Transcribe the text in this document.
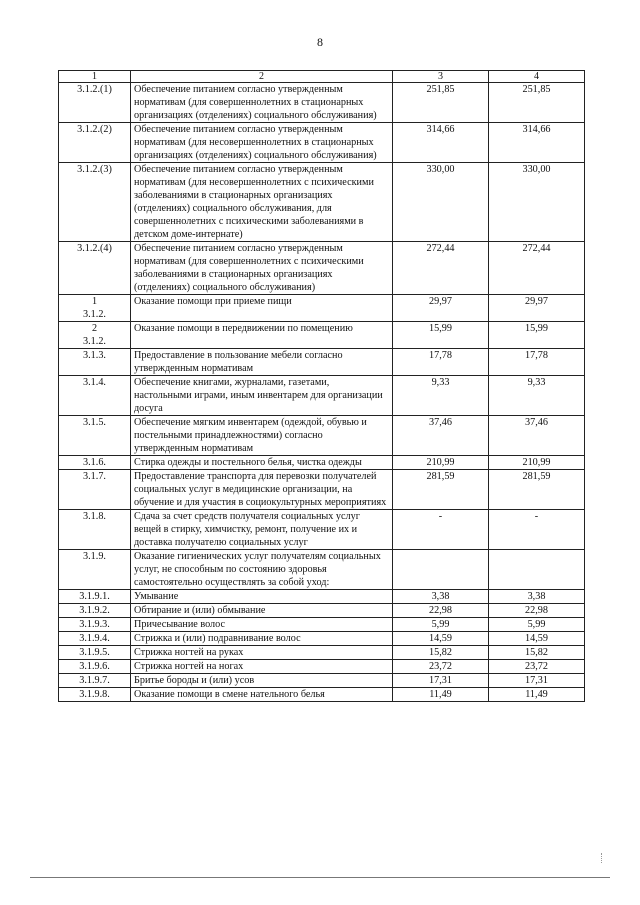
8
1	2	3	4
3.1.2.(1)	Обеспечение питанием согласно утвержденным нормативам (для совершеннолетних в стационарных организациях (отделениях) социального обслуживания)	251,85	251,85
3.1.2.(2)	Обеспечение питанием согласно утвержденным нормативам (для несовершеннолетних в стационарных организациях (отделениях) социального обслуживания)	314,66	314,66
3.1.2.(3)	Обеспечение питанием согласно утвержденным нормативам (для несовершеннолетних с психическими заболеваниями в стационарных организациях (отделениях) социального обслуживания, для совершеннолетних с психическими заболеваниями в детском доме-интернате)	330,00	330,00
3.1.2.(4)	Обеспечение питанием согласно утвержденным нормативам (для совершеннолетних с психическими заболеваниями в стационарных организациях (отделениях) социального обслуживания)	272,44	272,44

1
3.1.2.	Оказание помощи при приеме пищи	29,97	29,97

2
3.1.2.	Оказание помощи в передвижении по помещению	15,99	15,99
3.1.3.	Предоставление в пользование мебели согласно утвержденным нормативам	17,78	17,78
3.1.4.	Обеспечение книгами, журналами, газетами, настольными играми, иным инвентарем для организации досуга	9,33	9,33
3.1.5.	Обеспечение мягким инвентарем (одеждой, обувью и постельными принадлежностями) согласно утвержденным нормативам	37,46	37,46
3.1.6.	Стирка одежды и постельного белья, чистка одежды	210,99	210,99
3.1.7.	Предоставление транспорта для перевозки получателей социальных услуг в медицинские организации, на обучение и для участия в социокультурных мероприятиях	281,59	281,59
3.1.8.	Сдача за счет средств получателя социальных услуг вещей в стирку, химчистку, ремонт, получение их и доставка получателю социальных услуг	-	-
3.1.9.	Оказание гигиенических услуг получателям социальных услуг, не способным по состоянию здоровья самостоятельно осуществлять за собой уход:		
3.1.9.1.	Умывание	3,38	3,38
3.1.9.2.	Обтирание и (или) обмывание	22,98	22,98
3.1.9.3.	Причесывание волос	5,99	5,99
3.1.9.4.	Стрижка и (или) подравнивание волос	14,59	14,59
3.1.9.5.	Стрижка ногтей на руках	15,82	15,82
3.1.9.6.	Стрижка ногтей на ногах	23,72	23,72
3.1.9.7.	Бритье бороды и (или) усов	17,31	17,31
3.1.9.8.	Оказание помощи в смене нательного белья	11,49	11,49
